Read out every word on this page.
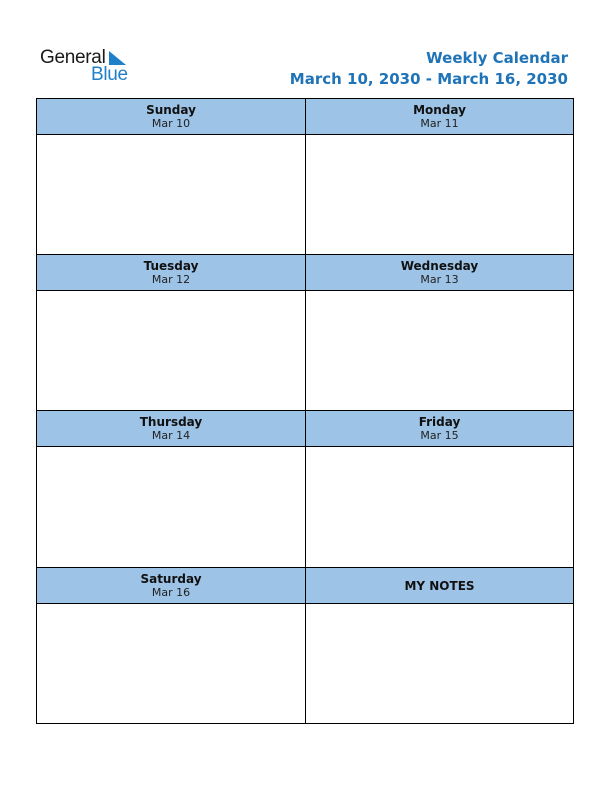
General
Blue
Weekly Calendar
March 10, 2030 - March 16, 2030
Sunday
Mar 10
Monday
Mar 11
Tuesday
Mar 12
Wednesday
Mar 13
Thursday
Mar 14
Friday
Mar 15
Saturday
Mar 16	MY NOTES
